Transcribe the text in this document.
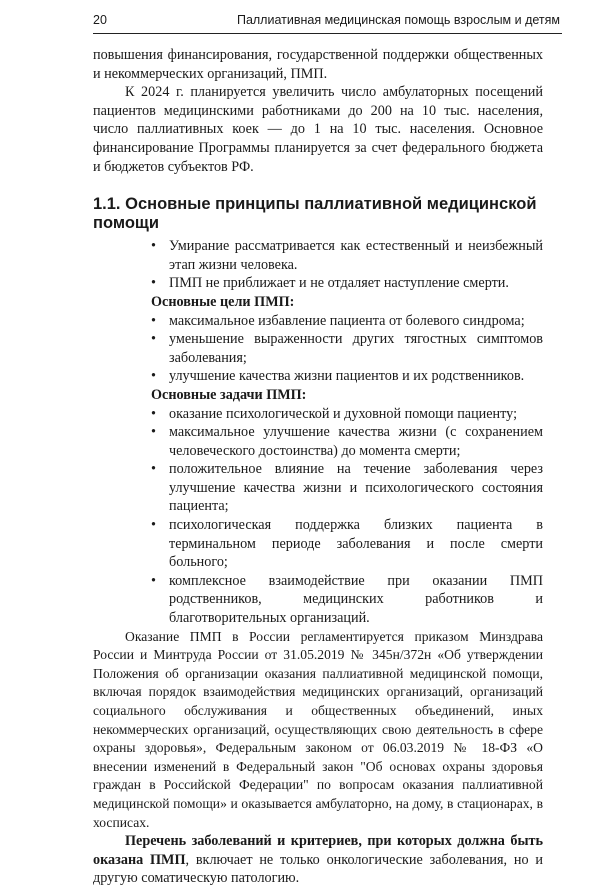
20	Паллиативная медицинская помощь взрослым и детям

повышения финансирования, государственной поддержки общественных и некоммерческих организаций, ПМП.

К 2024 г. планируется увеличить число амбулаторных посещений пациентов медицинскими работниками до 200 на 10 тыс. населения, число паллиативных коек — до 1 на 10 тыс. населения. Основное финансирование Программы планируется за счет федерального бюджета и бюджетов субъектов РФ.

1.1. Основные принципы паллиативной медицинской помощи
• Умирание рассматривается как естественный и неизбежный этап жизни человека.
• ПМП не приближает и не отдаляет наступление смерти.
Основные цели ПМП:
• максимальное избавление пациента от болевого синдрома;
• уменьшение выраженности других тягостных симптомов заболевания;
• улучшение качества жизни пациентов и их родственников.
Основные задачи ПМП:
• оказание психологической и духовной помощи пациенту;
• максимальное улучшение качества жизни (с сохранением человеческого достоинства) до момента смерти;
• положительное влияние на течение заболевания через улучшение качества жизни и психологического состояния пациента;
• психологическая поддержка близких пациента в терминальном периоде заболевания и после смерти больного;
• комплексное взаимодействие при оказании ПМП родственников, медицинских работников и благотворительных организаций.

Оказание ПМП в России регламентируется приказом Минздрава России и Минтруда России от 31.05.2019 № 345н/372н «Об утверждении Положения об организации оказания паллиативной медицинской помощи, включая порядок взаимодействия медицинских организаций, организаций социального обслуживания и общественных объединений, иных некоммерческих организаций, осуществляющих свою деятельность в сфере охраны здоровья», Федеральным законом от 06.03.2019 № 18-ФЗ «О внесении изменений в Федеральный закон "Об основах охраны здоровья граждан в Российской Федерации" по вопросам оказания паллиативной медицинской помощи» и оказывается амбулаторно, на дому, в стационарах, в хосписах.

Перечень заболеваний и критериев, при которых должна быть оказана ПМП, включает не только онкологические заболевания, но и другую соматическую патологию.
